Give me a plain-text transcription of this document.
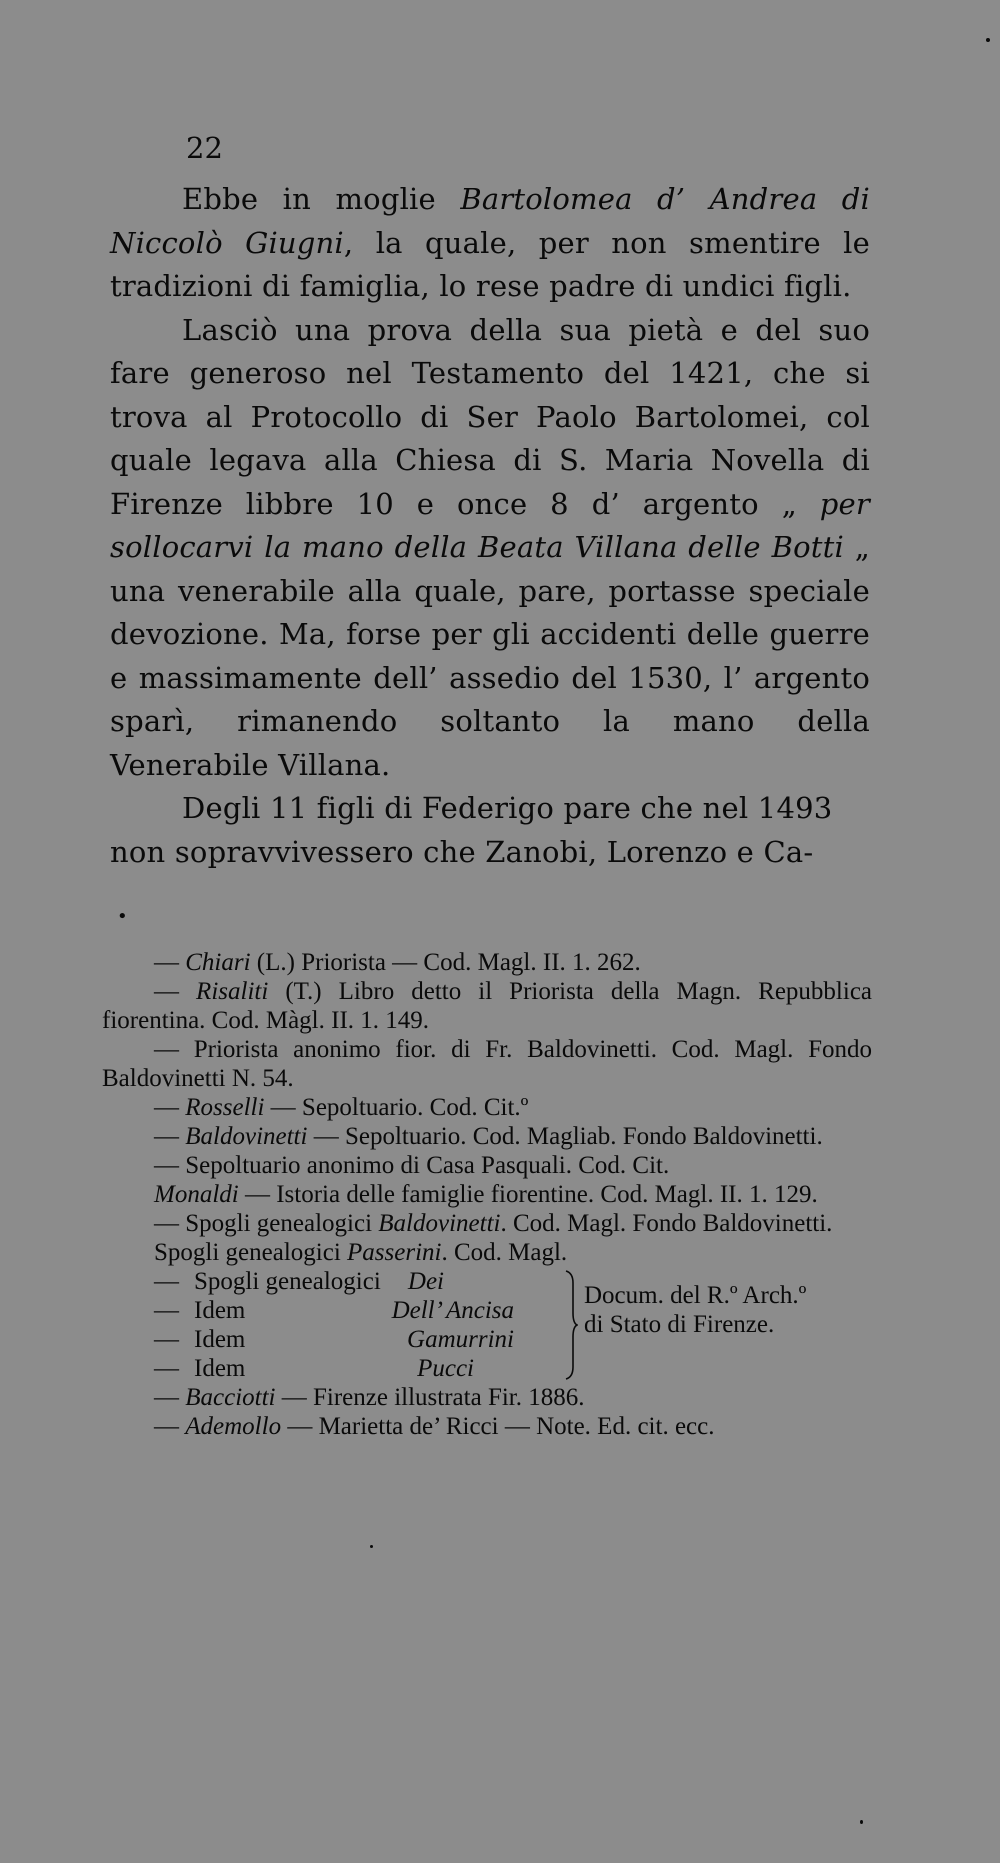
22

Ebbe in moglie Bartolomea d’ Andrea di Niccolò Giugni, la quale, per non smentire le tradizioni di famiglia, lo rese padre di undici figli.

Lasciò una prova della sua pietà e del suo fare generoso nel Testamento del 1421, che si trova al Protocollo di Ser Paolo Bartolomei, col quale legava alla Chiesa di S. Maria Novella di Firenze libbre 10 e once 8 d’ argento „ per sollocarvi la mano della Beata Villana delle Botti „ una venerabile alla quale, pare, portasse speciale devozione. Ma, forse per gli accidenti delle guerre e massimamente dell’ assedio del 1530, l’ argento sparì, rimanendo soltanto la mano della Venerabile Villana.

Degli 11 figli di Federigo pare che nel 1493 non sopravvivessero che Zanobi, Lorenzo e Ca-

•

— Chiari (L.) Priorista — Cod. Magl. II. 1. 262.

— Risaliti (T.) Libro detto il Priorista della Magn. Repubblica fiorentina. Cod. Màgl. II. 1. 149.

— Priorista anonimo fior. di Fr. Baldovinetti. Cod. Magl. Fondo Baldovinetti N. 54.

— Rosselli — Sepoltuario. Cod. Cit.º

— Baldovinetti — Sepoltuario. Cod. Magliab. Fondo Baldovinetti.

— Sepoltuario anonimo di Casa Pasquali. Cod. Cit.

Monaldi — Istoria delle famiglie fiorentine. Cod. Magl. II. 1. 129.

— Spogli genealogici Baldovinetti. Cod. Magl. Fondo Baldovinetti.

Spogli genealogici Passerini. Cod. Magl.

— Spogli genealogici	Dei
— Idem	Dell’ Ancisa
— Idem	Gamurrini
— Idem	Pucci
Docum. del R.º Arch.º
di Stato di Firenze.

— Bacciotti — Firenze illustrata Fir. 1886.

— Ademollo — Marietta de’ Ricci — Note. Ed. cit. ecc.
